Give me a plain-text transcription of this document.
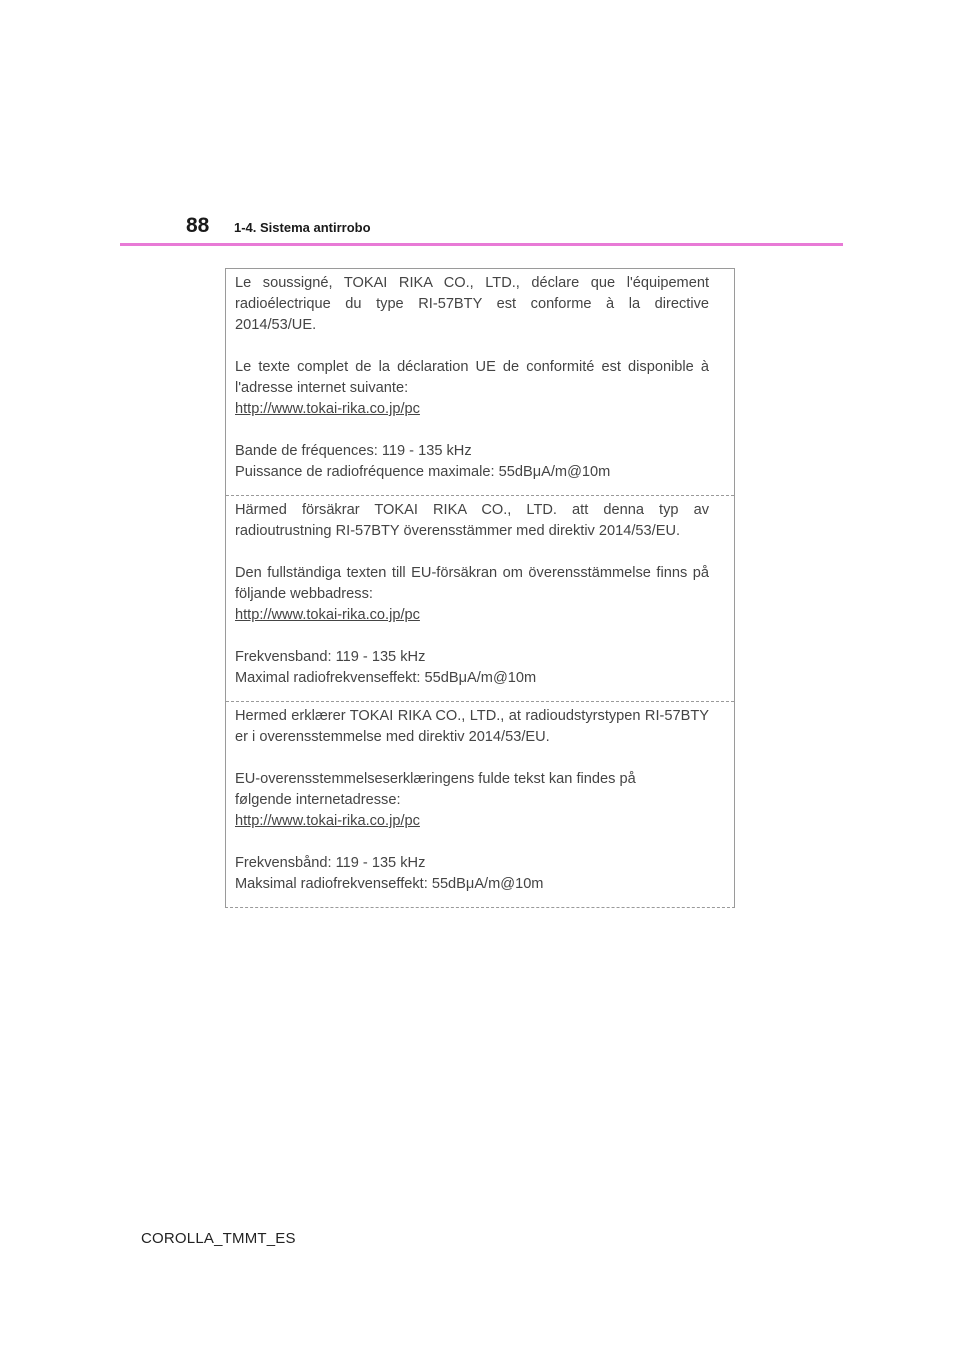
88 1-4. Sistema antirrobo

Le soussigné, TOKAI RIKA CO., LTD., déclare que l'équipement radioélectrique du type RI-57BTY est conforme à la directive 2014/53/UE.

Le texte complet de la déclaration UE de conformité est disponible à l'adresse internet suivante:
http://www.tokai-rika.co.jp/pc

Bande de fréquences: 119 - 135 kHz
Puissance de radiofréquence maximale: 55dBμA/m@10m

Härmed försäkrar TOKAI RIKA CO., LTD. att denna typ av radioutrustning RI-57BTY överensstämmer med direktiv 2014/53/EU.

Den fullständiga texten till EU-försäkran om överensstämmelse finns på följande webbadress:
http://www.tokai-rika.co.jp/pc

Frekvensband: 119 - 135 kHz
Maximal radiofrekvenseffekt: 55dBμA/m@10m

Hermed erklærer TOKAI RIKA CO., LTD., at radioudstyrstypen RI-57BTY er i overensstemmelse med direktiv 2014/53/EU.

EU-overensstemmelseserklæringens fulde tekst kan findes på
følgende internetadresse:
http://www.tokai-rika.co.jp/pc

Frekvensbånd: 119 - 135 kHz
Maksimal radiofrekvenseffekt: 55dBμA/m@10m

COROLLA_TMMT_ES
